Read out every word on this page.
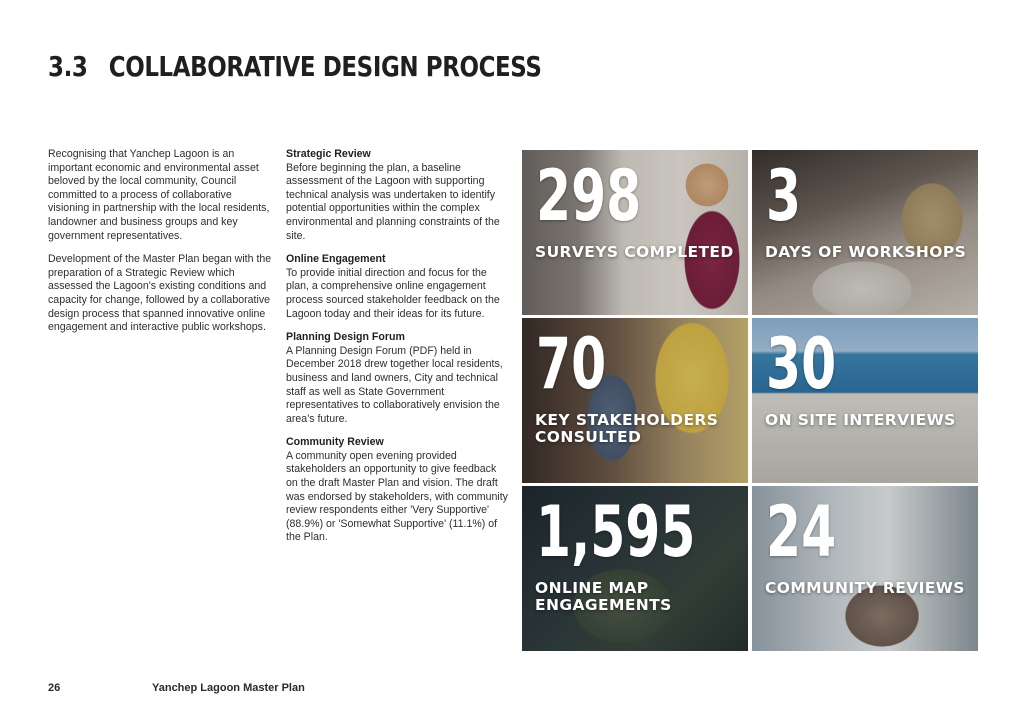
3.3 COLLABORATIVE DESIGN PROCESS

Recognising that Yanchep Lagoon is an important economic and environmental asset beloved by the local community, Council committed to a process of collaborative visioning in partnership with the local residents, landowner and business groups and key government representatives.

Development of the Master Plan began with the preparation of a Strategic Review which assessed the Lagoon's existing conditions and capacity for change, followed by a collaborative design process that spanned innovative online engagement and interactive public workshops.

Strategic Review
Before beginning the plan, a baseline assessment of the Lagoon with supporting technical analysis was undertaken to identify potential opportunities within the complex environmental and planning constraints of the site.

Online Engagement
To provide initial direction and focus for the plan, a comprehensive online engagement process sourced stakeholder feedback on the Lagoon today and their ideas for its future.

Planning Design Forum
A Planning Design Forum (PDF) held in December 2018 drew together local residents, business and land owners, City and technical staff as well as State Government representatives to collaboratively envision the area's future.

Community Review
A community open evening provided stakeholders an opportunity to give feedback on the draft Master Plan and vision. The draft was endorsed by stakeholders, with community review respondents either 'Very Supportive' (88.9%) or 'Somewhat Supportive' (11.1%) of the Plan.

298
SURVEYS COMPLETED
3
DAYS OF WORKSHOPS
70
KEY STAKEHOLDERS CONSULTED
30
ON SITE INTERVIEWS
1,595
ONLINE MAP ENGAGEMENTS
24
COMMUNITY REVIEWS
26	Yanchep Lagoon Master Plan
